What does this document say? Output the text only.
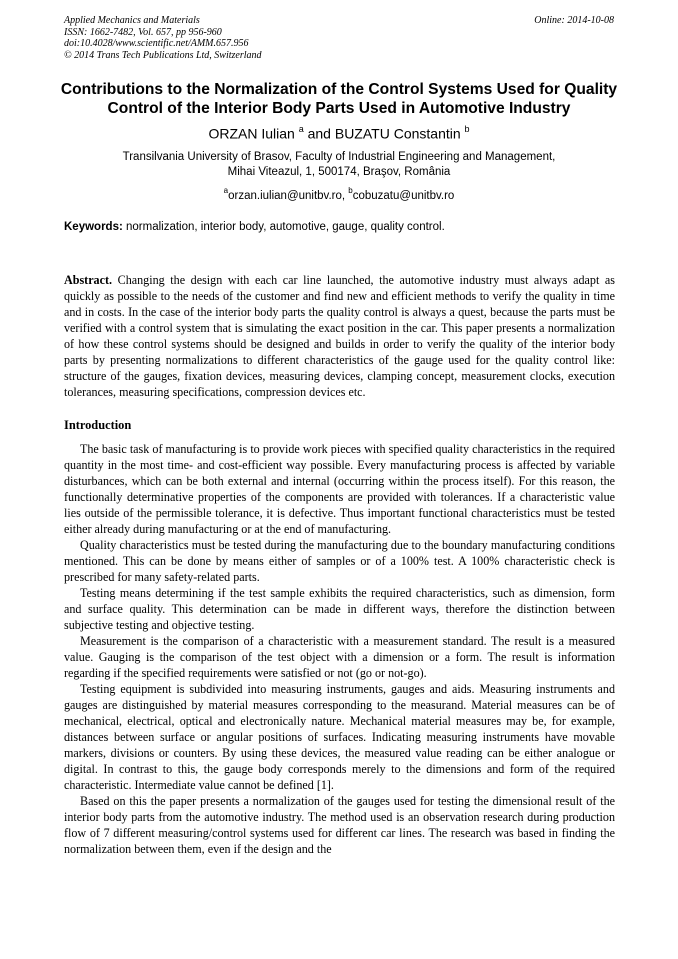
Applied Mechanics and Materials
ISSN: 1662-7482, Vol. 657, pp 956-960
doi:10.4028/www.scientific.net/AMM.657.956
© 2014 Trans Tech Publications Ltd, Switzerland
Online: 2014-10-08
Contributions to the Normalization of the Control Systems Used for Quality Control of the Interior Body Parts Used in Automotive Industry
ORZAN Iulian $^a$ and BUZATU Constantin $^b$
Transilvania University of Brasov, Faculty of Industrial Engineering and Management,
Mihai Viteazul, 1, 500174, Braşov, România
$^a$orzan.iulian@unitbv.ro, $^b$cobuzatu@unitbv.ro
Keywords: normalization, interior body, automotive, gauge, quality control.
Abstract. Changing the design with each car line launched, the automotive industry must always adapt as quickly as possible to the needs of the customer and find new and efficient methods to verify the quality in time and in costs. In the case of the interior body parts the quality control is always a quest, because the parts must be verified with a control system that is simulating the exact position in the car. This paper presents a normalization of how these control systems should be designed and builds in order to verify the quality of the interior body parts by presenting normalizations to different characteristics of the gauge used for the quality control like: structure of the gauges, fixation devices, measuring devices, clamping concept, measurement clocks, execution tolerances, measuring specifications, compression devices etc.
Introduction

The basic task of manufacturing is to provide work pieces with specified quality characteristics in the required quantity in the most time- and cost-efficient way possible. Every manufacturing process is affected by variable disturbances, which can be both external and internal (occurring within the process itself). For this reason, the functionally determinative properties of the components are provided with tolerances. If a characteristic value lies outside of the permissible tolerance, it is defective. Thus important functional characteristics must be tested either already during manufacturing or at the end of manufacturing.

Quality characteristics must be tested during the manufacturing due to the boundary manufacturing conditions mentioned. This can be done by means either of samples or of a 100% test. A 100% characteristic check is prescribed for many safety-related parts.

Testing means determining if the test sample exhibits the required characteristics, such as dimension, form and surface quality. This determination can be made in different ways, therefore the distinction between subjective testing and objective testing.

Measurement is the comparison of a characteristic with a measurement standard. The result is a measured value. Gauging is the comparison of the test object with a dimension or a form. The result is information regarding if the specified requirements were satisfied or not (go or not-go).

Testing equipment is subdivided into measuring instruments, gauges and aids. Measuring instruments and gauges are distinguished by material measures corresponding to the measurand. Material measures can be of mechanical, electrical, optical and electronically nature. Mechanical material measures may be, for example, distances between surface or angular positions of surfaces. Indicating measuring instruments have movable markers, divisions or counters. By using these devices, the measured value reading can be either analogue or digital. In contrast to this, the gauge body corresponds merely to the dimensions and form of the required characteristic. Intermediate value cannot be defined [1].

Based on this the paper presents a normalization of the gauges used for testing the dimensional result of the interior body parts from the automotive industry. The method used is an observation research during production flow of 7 different measuring/control systems used for different car lines. The research was based in finding the normalization between them, even if the design and the
